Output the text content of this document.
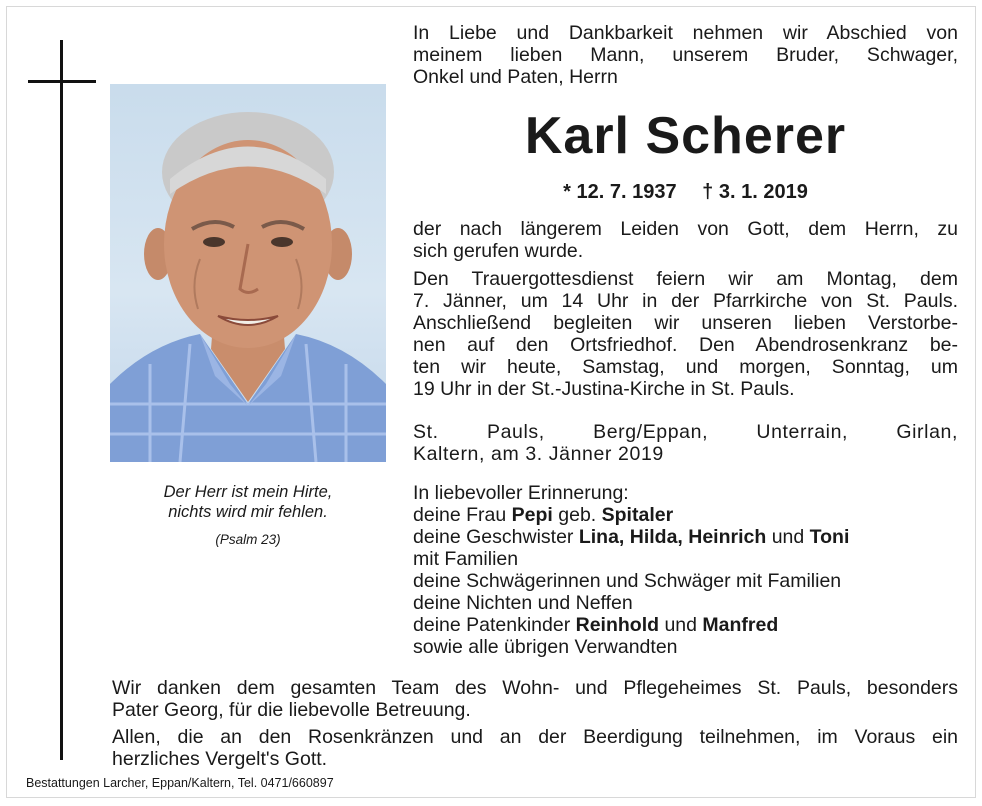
Der Herr ist mein Hirte,
nichts wird mir fehlen.
(Psalm 23)

In Liebe und Dankbarkeit nehmen wir Abschied von
meinem lieben Mann, unserem Bruder, Schwager,
Onkel und Paten, Herrn

Karl Scherer
* 12. 7. 1937 † 3. 1. 2019

der nach längerem Leiden von Gott, dem Herrn, zu
sich gerufen wurde.

Den Trauergottesdienst feiern wir am Montag, dem
7. Jänner, um 14 Uhr in der Pfarrkirche von St. Pauls.
Anschließend begleiten wir unseren lieben Verstorbe-
nen auf den Ortsfriedhof. Den Abendrosenkranz be-
ten wir heute, Samstag, und morgen, Sonntag, um
19 Uhr in der St.-Justina-Kirche in St. Pauls.

St. Pauls, Berg/Eppan, Unterrain, Girlan,
Kaltern, am 3. Jänner 2019

In liebevoller Erinnerung:
deine Frau Pepi geb. Spitaler
deine Geschwister Lina, Hilda, Heinrich und Toni
mit Familien
deine Schwägerinnen und Schwäger mit Familien
deine Nichten und Neffen
deine Patenkinder Reinhold und Manfred
sowie alle übrigen Verwandten

Wir danken dem gesamten Team des Wohn- und Pflegeheimes St. Pauls, besonders
Pater Georg, für die liebevolle Betreuung.

Allen, die an den Rosenkränzen und an der Beerdigung teilnehmen, im Voraus ein
herzliches Vergelt's Gott.

Bestattungen Larcher, Eppan/Kaltern, Tel. 0471/660897
